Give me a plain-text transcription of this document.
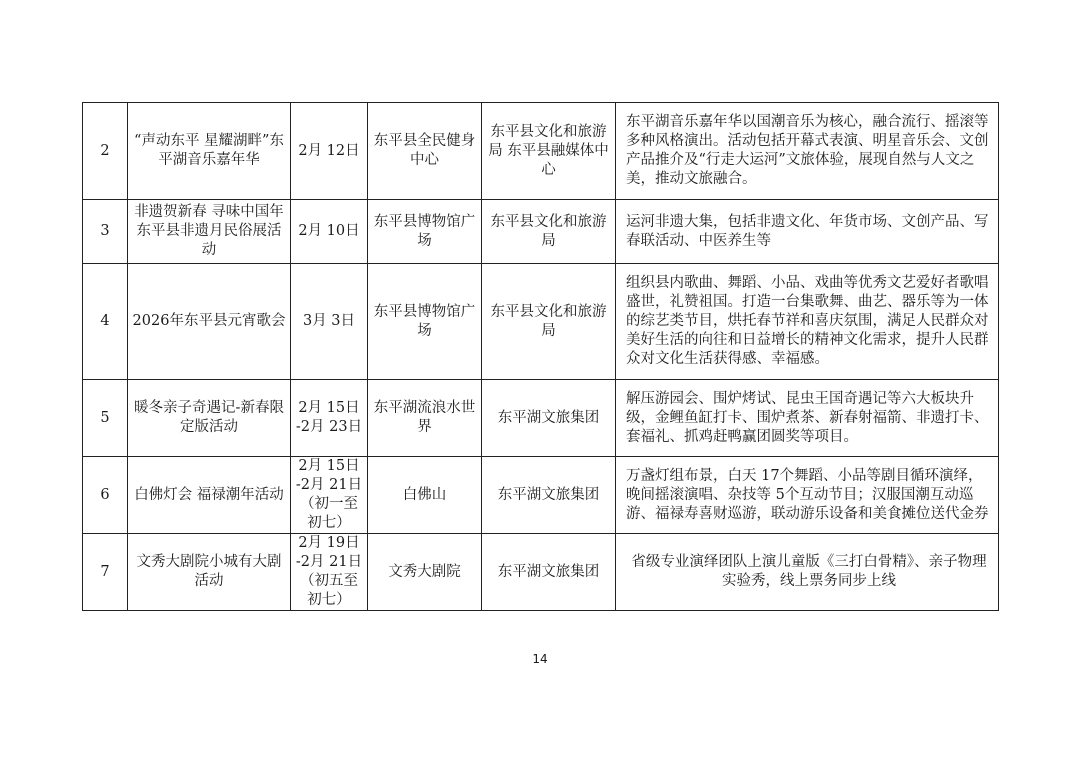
2	“声动东平 星耀湖畔”东平湖音乐嘉年华	2月 12日	东平县全民健身中心	东平县文化和旅游局 东平县融媒体中心	东平湖音乐嘉年华以国潮音乐为核心，融合流行、摇滚等多种风格演出。活动包括开幕式表演、明星音乐会、文创产品推介及“行走大运河”文旅体验，展现自然与人文之美，推动文旅融合。
3	非遗贺新春 寻味中国年 东平县非遗月民俗展活动	2月 10日	东平县博物馆广场	东平县文化和旅游局	运河非遗大集，包括非遗文化、年货市场、文创产品、写春联活动、中医养生等
4	2026年东平县元宵歌会	3月 3日	东平县博物馆广场	东平县文化和旅游局	组织县内歌曲、舞蹈、小品、戏曲等优秀文艺爱好者歌唱盛世，礼赞祖国。打造一台集歌舞、曲艺、器乐等为一体的综艺类节目，烘托春节祥和喜庆氛围，满足人民群众对美好生活的向往和日益增长的精神文化需求，提升人民群众对文化生活获得感、幸福感。
5	暖冬亲子奇遇记-新春限定版活动	2月 15日 -2月 23日	东平湖流浪水世界	东平湖文旅集团	解压游园会、围炉烤试、昆虫王国奇遇记等六大板块升级，金鲤鱼缸打卡、围炉煮茶、新春射福箭、非遗打卡、套福礼、抓鸡赶鸭赢团圆奖等项目。
6	白佛灯会 福禄潮年活动	2月 15日 -2月 21日（初一至初七）	白佛山	东平湖文旅集团	万盏灯组布景，白天 17个舞蹈、小品等剧目循环演绎，晚间摇滚演唱、杂技等 5个互动节目；汉服国潮互动巡游、福禄寿喜财巡游，联动游乐设备和美食摊位送代金券
7	文秀大剧院小城有大剧活动	2月 19日 -2月 21日（初五至初七）	文秀大剧院	东平湖文旅集团	省级专业演绎团队上演儿童版《三打白骨精》、亲子物理实验秀，线上票务同步上线
14
